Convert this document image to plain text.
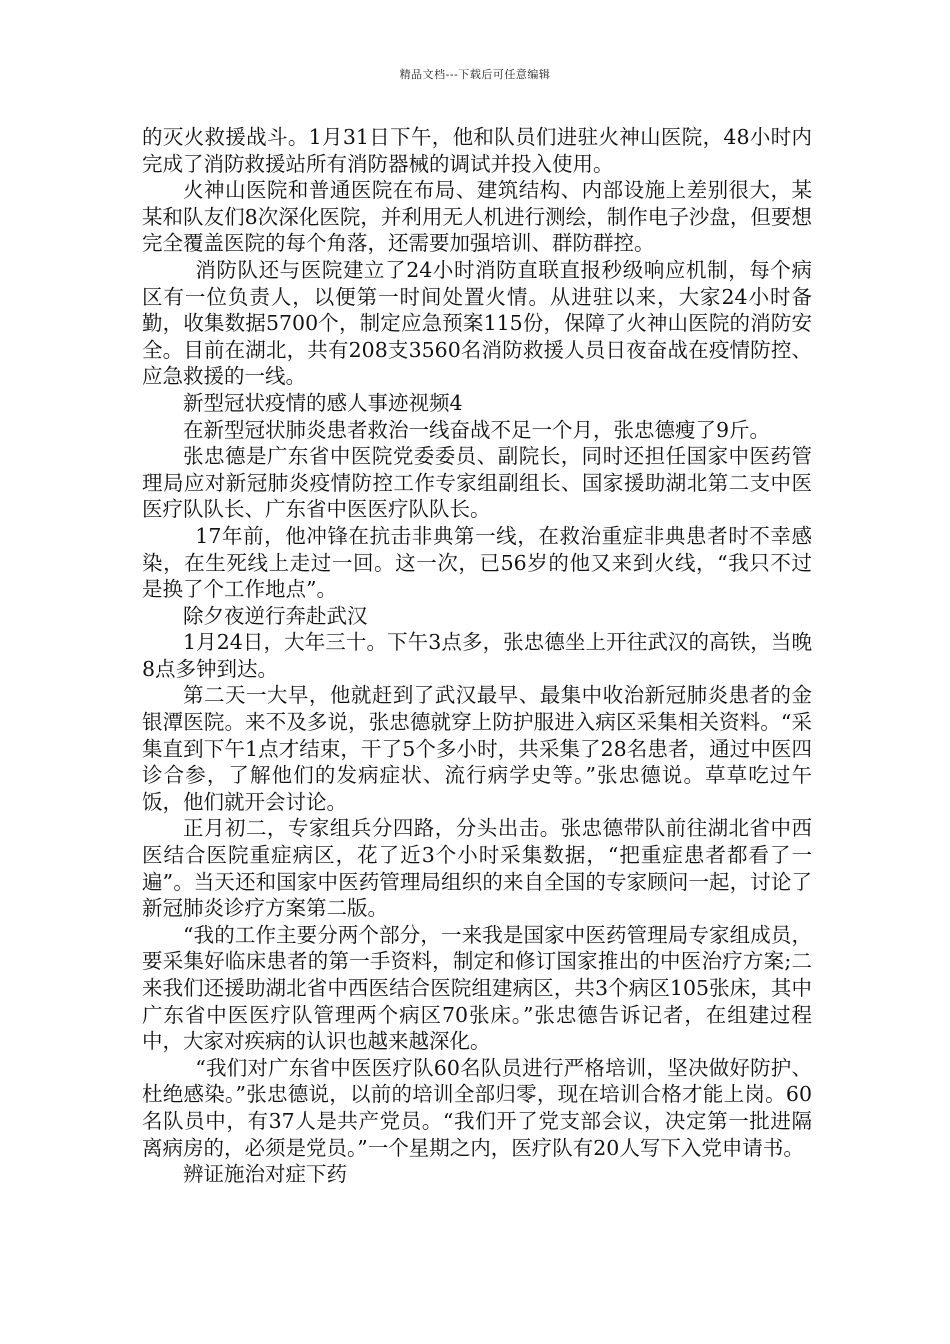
精品文档---下载后可任意编辑

的灭火救援战斗。1月31日下午，他和队员们进驻火神山医院，48小时内完成了消防救援站所有消防器械的调试并投入使用。

火神山医院和普通医院在布局、建筑结构、内部设施上差别很大，某某和队友们8次深化医院，并利用无人机进行测绘，制作电子沙盘，但要想完全覆盖医院的每个角落，还需要加强培训、群防群控。

消防队还与医院建立了24小时消防直联直报秒级响应机制，每个病区有一位负责人，以便第一时间处置火情。从进驻以来，大家24小时备勤，收集数据5700个，制定应急预案115份，保障了火神山医院的消防安全。目前在湖北，共有208支3560名消防救援人员日夜奋战在疫情防控、应急救援的一线。

新型冠状疫情的感人事迹视频4

在新型冠状肺炎患者救治一线奋战不足一个月，张忠德瘦了9斤。

张忠德是广东省中医院党委委员、副院长，同时还担任国家中医药管理局应对新冠肺炎疫情防控工作专家组副组长、国家援助湖北第二支中医医疗队队长、广东省中医医疗队队长。

17年前，他冲锋在抗击非典第一线，在救治重症非典患者时不幸感染，在生死线上走过一回。这一次，已56岁的他又来到火线，“我只不过是换了个工作地点”。

除夕夜逆行奔赴武汉

1月24日，大年三十。下午3点多，张忠德坐上开往武汉的高铁，当晚8点多钟到达。

第二天一大早，他就赶到了武汉最早、最集中收治新冠肺炎患者的金银潭医院。来不及多说，张忠德就穿上防护服进入病区采集相关资料。“采集直到下午1点才结束，干了5个多小时，共采集了28名患者，通过中医四诊合参，了解他们的发病症状、流行病学史等。”张忠德说。草草吃过午饭，他们就开会讨论。

正月初二，专家组兵分四路，分头出击。张忠德带队前往湖北省中西医结合医院重症病区，花了近3个小时采集数据，“把重症患者都看了一遍”。当天还和国家中医药管理局组织的来自全国的专家顾问一起，讨论了新冠肺炎诊疗方案第二版。

“我的工作主要分两个部分，一来我是国家中医药管理局专家组成员，要采集好临床患者的第一手资料，制定和修订国家推出的中医治疗方案;二来我们还援助湖北省中西医结合医院组建病区，共3个病区105张床，其中广东省中医医疗队管理两个病区70张床。”张忠德告诉记者，在组建过程中，大家对疾病的认识也越来越深化。

“我们对广东省中医医疗队60名队员进行严格培训，坚决做好防护、杜绝感染。”张忠德说，以前的培训全部归零，现在培训合格才能上岗。60名队员中，有37人是共产党员。“我们开了党支部会议，决定第一批进隔离病房的，必须是党员。”一个星期之内，医疗队有20人写下入党申请书。

辨证施治对症下药
